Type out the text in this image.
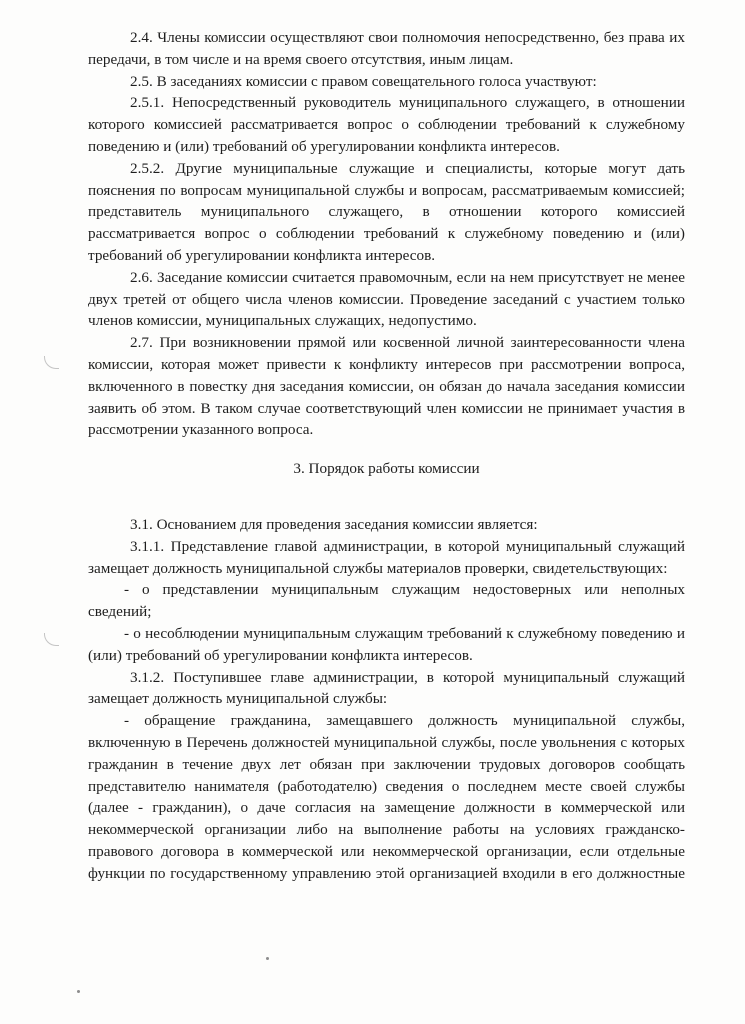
2.4. Члены комиссии осуществляют свои полномочия непосредственно, без права их передачи, в том числе и на время своего отсутствия, иным лицам.

2.5. В заседаниях комиссии с правом совещательного голоса участвуют:

2.5.1. Непосредственный руководитель муниципального служащего, в отношении которого комиссией рассматривается вопрос о соблюдении требований к служебному поведению и (или) требований об урегулировании конфликта интересов.

2.5.2. Другие муниципальные служащие и специалисты, которые могут дать пояснения по вопросам муниципальной службы и вопросам, рассматриваемым комиссией; представитель муниципального служащего, в отношении которого комиссией рассматривается вопрос о соблюдении требований к служебному поведению и (или) требований об урегулировании конфликта интересов.

2.6. Заседание комиссии считается правомочным, если на нем присутствует не менее двух третей от общего числа членов комиссии. Проведение заседаний с участием только членов комиссии, муниципальных служащих, недопустимо.

2.7. При возникновении прямой или косвенной личной заинтересованности члена комиссии, которая может привести к конфликту интересов при рассмотрении вопроса, включенного в повестку дня заседания комиссии, он обязан до начала заседания комиссии заявить об этом. В таком случае соответствующий член комиссии не принимает участия в рассмотрении указанного вопроса.

3. Порядок работы комиссии

3.1. Основанием для проведения заседания комиссии является:

3.1.1. Представление главой администрации, в которой муниципальный служащий замещает должность муниципальной службы материалов проверки, свидетельствующих:

- о представлении муниципальным служащим недостоверных или неполных сведений;

- о несоблюдении муниципальным служащим требований к служебному поведению и (или) требований об урегулировании конфликта интересов.

3.1.2. Поступившее главе администрации, в которой муниципальный служащий замещает должность муниципальной службы:

- обращение гражданина, замещавшего должность муниципальной службы, включенную в Перечень должностей муниципальной службы, после увольнения с которых гражданин в течение двух лет обязан при заключении трудовых договоров сообщать представителю нанимателя (работодателю) сведения о последнем месте своей службы (далее - гражданин), о даче согласия на замещение должности в коммерческой или некоммерческой организации либо на выполнение работы на условиях гражданско-правового договора в коммерческой или некоммерческой организации, если отдельные функции по государственному управлению этой организацией входили в его должностные
